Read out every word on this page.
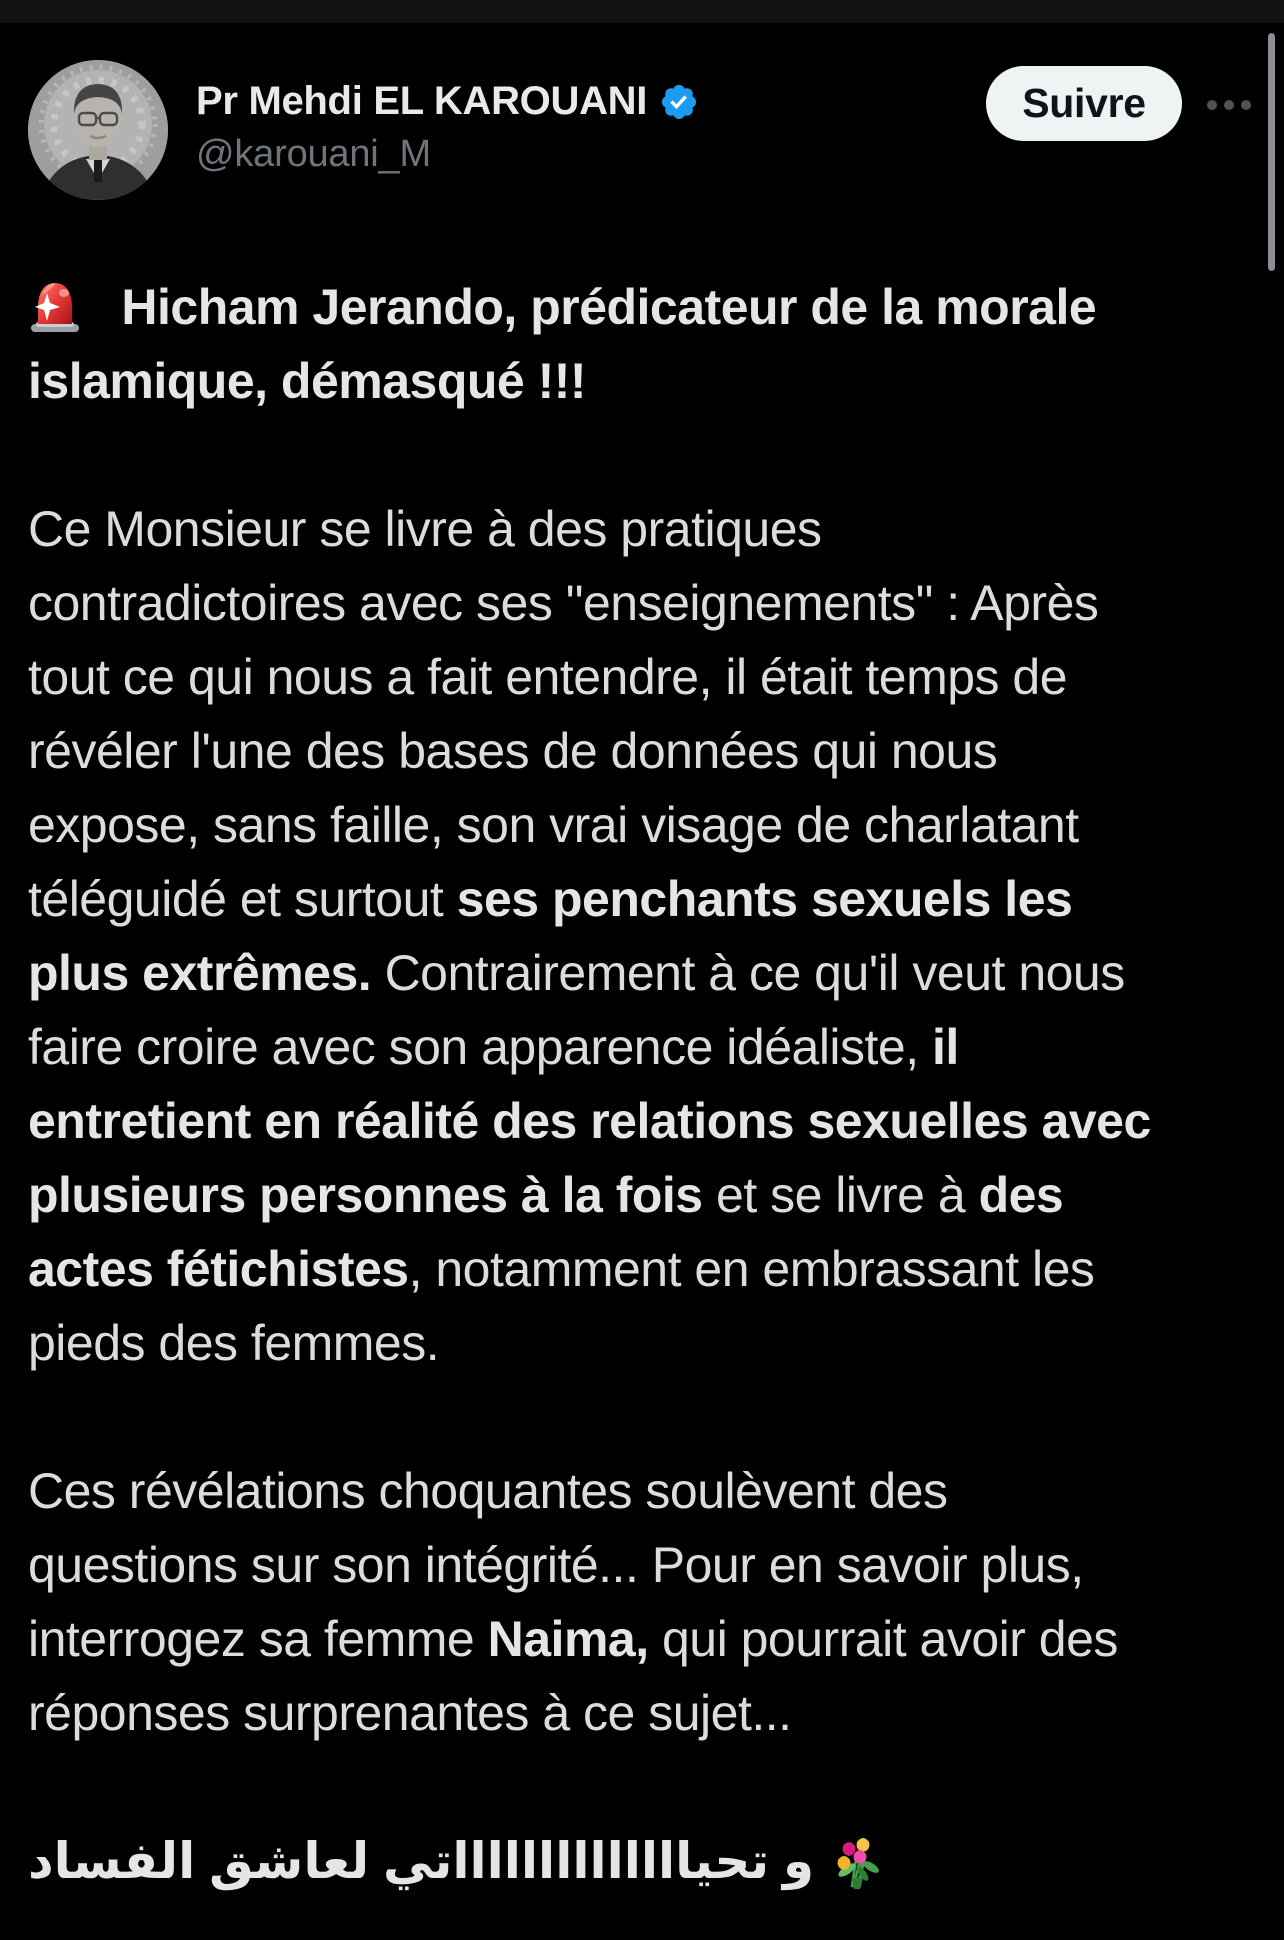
Pr Mehdi EL KAROUANI
@karouani_M
Suivre
Hicham Jerando, prédicateur de la morale
islamique, démasqué !!!
Ce Monsieur se livre à des pratiques
contradictoires avec ses "enseignements" : Après
tout ce qui nous a fait entendre, il était temps de
révéler l'une des bases de données qui nous
expose, sans faille, son vrai visage de charlatant
téléguidé et surtout ses penchants sexuels les
plus extrêmes. Contrairement à ce qu'il veut nous
faire croire avec son apparence idéaliste, il
entretient en réalité des relations sexuelles avec
plusieurs personnes à la fois et se livre à des
actes fétichistes, notamment en embrassant les
pieds des femmes.
Ces révélations choquantes soulèvent des
questions sur son intégrité... Pour en savoir plus,
interrogez sa femme Naima, qui pourrait avoir des
réponses surprenantes à ce sujet...
و تحيااااااااااااااتي لعاشق الفساد
